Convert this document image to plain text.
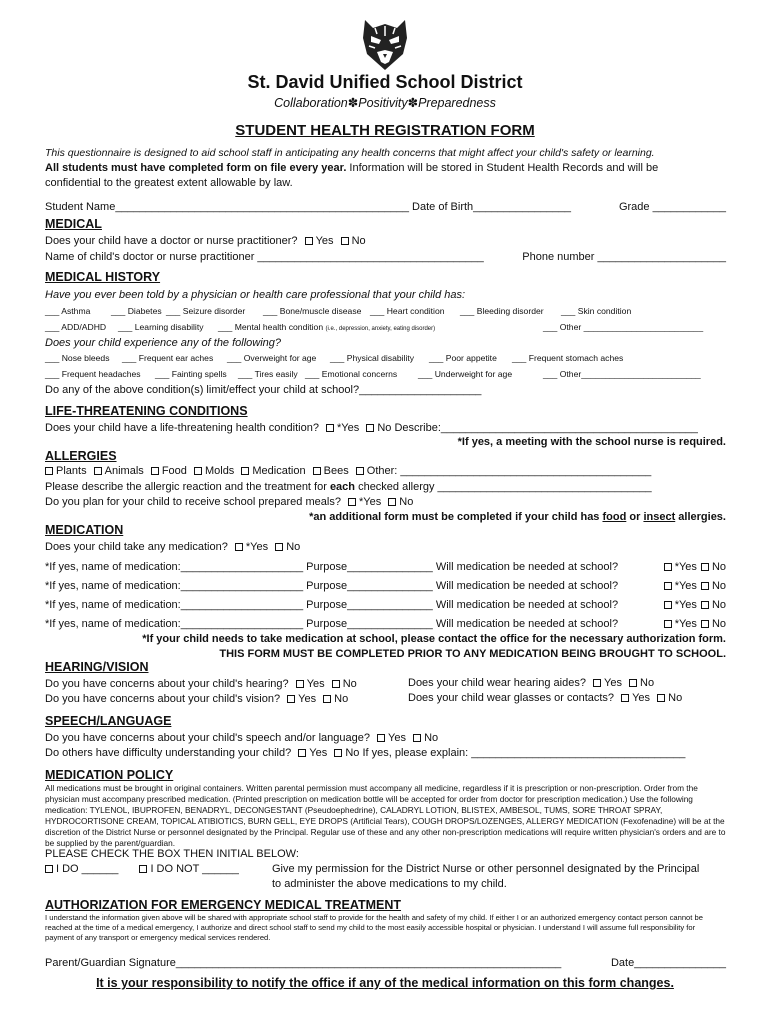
St. David Unified School District
Collaboration✽Positivity✽Preparedness
STUDENT HEALTH REGISTRATION FORM
This questionnaire is designed to aid school staff in anticipating any health concerns that might affect your child's safety or learning.
All students must have completed form on file every year. Information will be stored in Student Health Records and will be
confidential to the greatest extent allowable by law.
Student Name________________________________________________ Date of Birth________________	Grade ____________
MEDICAL
Does your child have a doctor or nurse practitioner? Yes No
Name of child's doctor or nurse practitioner _____________________________________	Phone number _____________________
MEDICAL HISTORY
Have you ever been told by a physician or health care professional that your child has:
___ Asthma ___ Diabetes ___ Seizure disorder ___ Bone/muscle disease ___ Heart condition ___ Bleeding disorder ___ Skin condition
___ ADD/ADHD ___ Learning disability ___ Mental health condition (i.e., depression, anxiety, eating disorder)	___ Other _________________________
Does your child experience any of the following?
___ Nose bleeds ___ Frequent ear aches ___ Overweight for age ___ Physical disability ___ Poor appetite ___ Frequent stomach aches
___ Frequent headaches ___ Fainting spells ___ Tires easily ___ Emotional concerns ___ Underweight for age	___ Other_________________________
Do any of the above condition(s) limit/effect your child at school?____________________
LIFE-THREATENING CONDITIONS
Does your child have a life-threatening health condition? *Yes No Describe:__________________________________________
*If yes, a meeting with the school nurse is required.
ALLERGIES
Plants Animals Food Molds Medication Bees Other: _________________________________________
Please describe the allergic reaction and the treatment for each checked allergy ___________________________________
Do you plan for your child to receive school prepared meals? *Yes No
*an additional form must be completed if your child has food or insect allergies.
MEDICATION
Does your child take any medication? *Yes No
*If yes, name of medication:____________________ Purpose______________ Will medication be needed at school?	*Yes No
*If yes, name of medication:____________________ Purpose______________ Will medication be needed at school?	*Yes No
*If yes, name of medication:____________________ Purpose______________ Will medication be needed at school?	*Yes No
*If yes, name of medication:____________________ Purpose______________ Will medication be needed at school?	*Yes No
*If your child needs to take medication at school, please contact the office for the necessary authorization form.
THIS FORM MUST BE COMPLETED PRIOR TO ANY MEDICATION BEING BROUGHT TO SCHOOL.
HEARING/VISION
Do you have concerns about your child's hearing? Yes No	Does your child wear hearing aides? Yes No
Do you have concerns about your child's vision? Yes No	Does your child wear glasses or contacts? Yes No
SPEECH/LANGUAGE
Do you have concerns about your child's speech and/or language? Yes No
Do others have difficulty understanding your child? Yes No If yes, please explain: ___________________________________
MEDICATION POLICY
All medications must be brought in original containers. Written parental permission must accompany all medicine, regardless if it is prescription or non-prescription. Order from the physician must accompany prescribed medication. (Printed prescription on medication bottle will be accepted for order from doctor for prescription medication.) Use the following medication: TYLENOL, IBUPROFEN, BENADRYL, DECONGESTANT (Pseudoephedrine), CALADRYL LOTION, BLISTEX, AMBESOL, TUMS, SORE THROAT SPRAY, HYDROCORTISONE CREAM, TOPICAL ATIBIOTICS, BURN GELL, EYE DROPS (Artificial Tears), COUGH DROPS/LOZENGES, ALLERGY MEDICATION (Fexofenadine) will be at the discretion of the District Nurse or personnel designated by the Principal. Regular use of these and any other non-prescription medications will require written physician's orders and are to be supplied by the parent/guardian.
PLEASE CHECK THE BOX THEN INITIAL BELOW:
I DO ______	I DO NOT ______	Give my permission for the District Nurse or other personnel designated by the Principal
to administer the above medications to my child.
AUTHORIZATION FOR EMERGENCY MEDICAL TREATMENT
I understand the information given above will be shared with appropriate school staff to provide for the health and safety of my child. If either I or an authorized emergency contact person cannot be reached at the time of a medical emergency, I authorize and direct school staff to send my child to the most easily accessible hospital or physician. I understand I will assume full responsibility for payment of any transport or emergency medical services rendered.
Parent/Guardian Signature_______________________________________________________________	Date_______________
It is your responsibility to notify the office if any of the medical information on this form changes.
